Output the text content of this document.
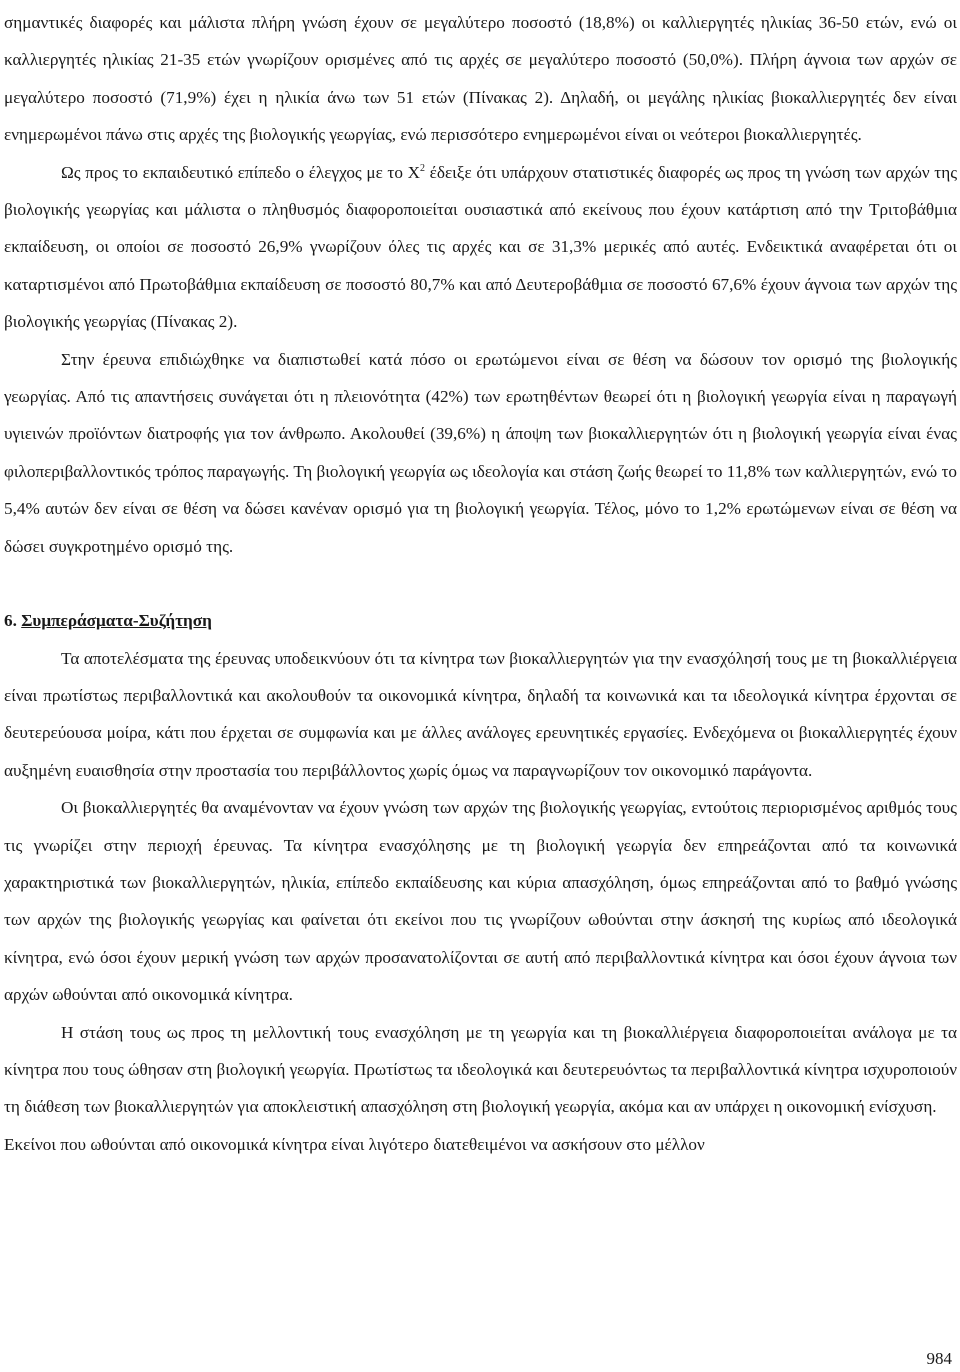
σημαντικές διαφορές και μάλιστα πλήρη γνώση έχουν σε μεγαλύτερο ποσοστό (18,8%) οι καλλιεργητές ηλικίας 36-50 ετών, ενώ οι καλλιεργητές ηλικίας 21-35 ετών γνωρίζουν ορισμένες από τις αρχές σε μεγαλύτερο ποσοστό (50,0%). Πλήρη άγνοια των αρχών σε μεγαλύτερο ποσοστό (71,9%) έχει η ηλικία άνω των 51 ετών (Πίνακας 2). Δηλαδή, οι μεγάλης ηλικίας βιοκαλλιεργητές δεν είναι ενημερωμένοι πάνω στις αρχές της βιολογικής γεωργίας, ενώ περισσότερο ενημερωμένοι είναι οι νεότεροι βιοκαλλιεργητές.

Ως προς το εκπαιδευτικό επίπεδο ο έλεγχος με το $X^2$ έδειξε ότι υπάρχουν στατιστικές διαφορές ως προς τη γνώση των αρχών της βιολογικής γεωργίας και μάλιστα ο πληθυσμός διαφοροποιείται ουσιαστικά από εκείνους που έχουν κατάρτιση από την Τριτοβάθμια εκπαίδευση, οι οποίοι σε ποσοστό 26,9% γνωρίζουν όλες τις αρχές και σε 31,3% μερικές από αυτές. Ενδεικτικά αναφέρεται ότι οι καταρτισμένοι από Πρωτοβάθμια εκπαίδευση σε ποσοστό 80,7% και από Δευτεροβάθμια σε ποσοστό 67,6% έχουν άγνοια των αρχών της βιολογικής γεωργίας (Πίνακας 2).

Στην έρευνα επιδιώχθηκε να διαπιστωθεί κατά πόσο οι ερωτώμενοι είναι σε θέση να δώσουν τον ορισμό της βιολογικής γεωργίας. Από τις απαντήσεις συνάγεται ότι η πλειονότητα (42%) των ερωτηθέντων θεωρεί ότι η βιολογική γεωργία είναι η παραγωγή υγιεινών προϊόντων διατροφής για τον άνθρωπο. Ακολουθεί (39,6%) η άποψη των βιοκαλλιεργητών ότι η βιολογική γεωργία είναι ένας φιλοπεριβαλλοντικός τρόπος παραγωγής. Τη βιολογική γεωργία ως ιδεολογία και στάση ζωής θεωρεί το 11,8% των καλλιεργητών, ενώ το 5,4% αυτών δεν είναι σε θέση να δώσει κανέναν ορισμό για τη βιολογική γεωργία. Τέλος, μόνο το 1,2% ερωτώμενων είναι σε θέση να δώσει συγκροτημένο ορισμό της.

6. Συμπεράσματα-Συζήτηση

Τα αποτελέσματα της έρευνας υποδεικνύουν ότι τα κίνητρα των βιοκαλλιεργητών για την ενασχόλησή τους με τη βιοκαλλιέργεια είναι πρωτίστως περιβαλλοντικά και ακολουθούν τα οικονομικά κίνητρα, δηλαδή τα κοινωνικά και τα ιδεολογικά κίνητρα έρχονται σε δευτερεύουσα μοίρα, κάτι που έρχεται σε συμφωνία και με άλλες ανάλογες ερευνητικές εργασίες. Ενδεχόμενα οι βιοκαλλιεργητές έχουν αυξημένη ευαισθησία στην προστασία του περιβάλλοντος χωρίς όμως να παραγνωρίζουν τον οικονομικό παράγοντα.

Οι βιοκαλλιεργητές θα αναμένονταν να έχουν γνώση των αρχών της βιολογικής γεωργίας, εντούτοις περιορισμένος αριθμός τους τις γνωρίζει στην περιοχή έρευνας. Τα κίνητρα ενασχόλησης με τη βιολογική γεωργία δεν επηρεάζονται από τα κοινωνικά χαρακτηριστικά των βιοκαλλιεργητών, ηλικία, επίπεδο εκπαίδευσης και κύρια απασχόληση, όμως επηρεάζονται από το βαθμό γνώσης των αρχών της βιολογικής γεωργίας και φαίνεται ότι εκείνοι που τις γνωρίζουν ωθούνται στην άσκησή της κυρίως από ιδεολογικά κίνητρα, ενώ όσοι έχουν μερική γνώση των αρχών προσανατολίζονται σε αυτή από περιβαλλοντικά κίνητρα και όσοι έχουν άγνοια των αρχών ωθούνται από οικονομικά κίνητρα.

Η στάση τους ως προς τη μελλοντική τους ενασχόληση με τη γεωργία και τη βιοκαλλιέργεια διαφοροποιείται ανάλογα με τα κίνητρα που τους ώθησαν στη βιολογική γεωργία. Πρωτίστως τα ιδεολογικά και δευτερευόντως τα περιβαλλοντικά κίνητρα ισχυροποιούν τη διάθεση των βιοκαλλιεργητών για αποκλειστική απασχόληση στη βιολογική γεωργία, ακόμα και αν υπάρχει η οικονομική ενίσχυση.

Εκείνοι που ωθούνται από οικονομικά κίνητρα είναι λιγότερο διατεθειμένοι να ασκήσουν στο μέλλον

984
